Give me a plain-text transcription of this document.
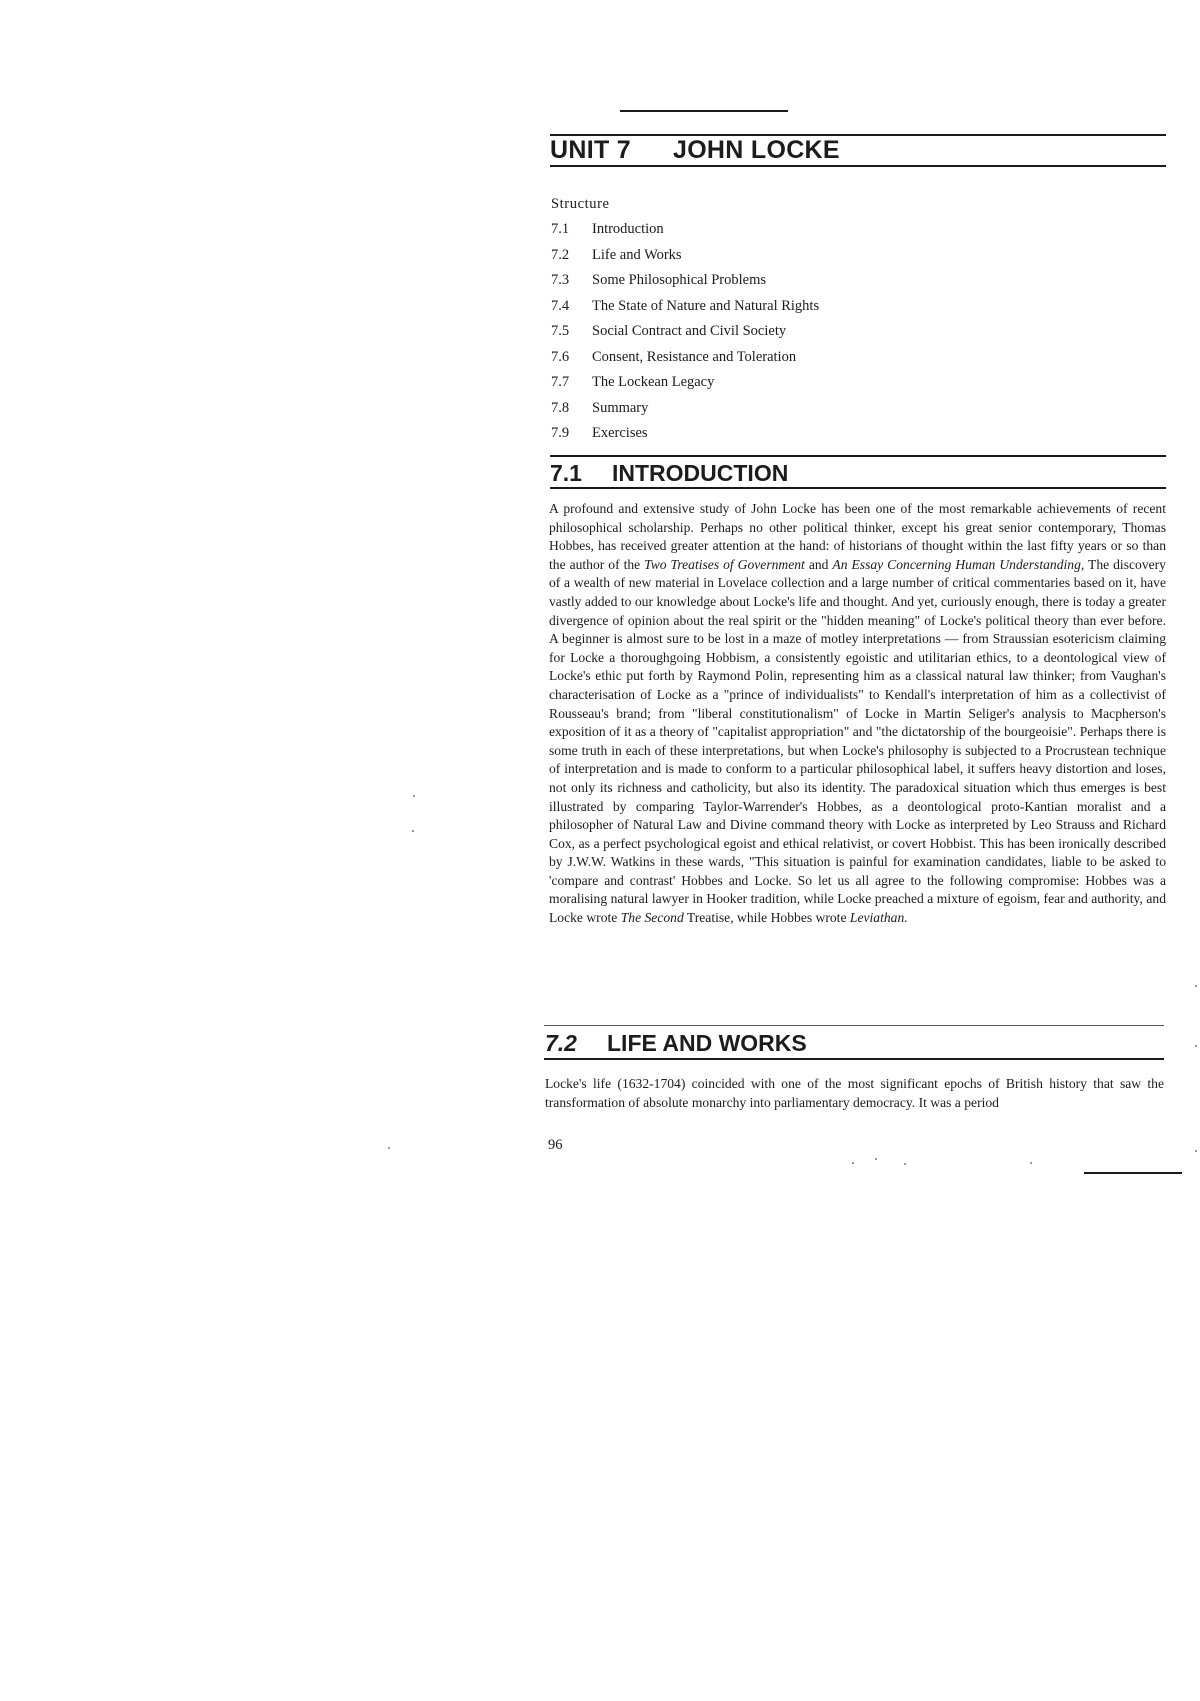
UNIT 7 JOHN LOCKE
Structure
7.1	Introduction
7.2	Life and Works
7.3	Some Philosophical Problems
7.4	The State of Nature and Natural Rights
7.5	Social Contract and Civil Society
7.6	Consent, Resistance and Toleration
7.7	The Lockean Legacy
7.8	Summary
7.9	Exercises
7.1 INTRODUCTION
A profound and extensive study of John Locke has been one of the most remarkable achievements of recent philosophical scholarship. Perhaps no other political thinker, except his great senior contemporary, Thomas Hobbes, has received greater attention at the hand: of historians of thought within the last fifty years or so than the author of the Two Treatises of Government and An Essay Concerning Human Understanding, The discovery of a wealth of new material in Lovelace collection and a large number of critical commentaries based on it, have vastly added to our knowledge about Locke's life and thought. And yet, curiously enough, there is today a greater divergence of opinion about the real spirit or the "hidden meaning" of Locke's political theory than ever before. A beginner is almost sure to be lost in a maze of motley interpretations — from Straussian esotericism claiming for Locke a thoroughgoing Hobbism, a consistently egoistic and utilitarian ethics, to a deontological view of Locke's ethic put forth by Raymond Polin, representing him as a classical natural law thinker; from Vaughan's characterisation of Locke as a "prince of individualists" to Kendall's interpretation of him as a collectivist of Rousseau's brand; from "liberal constitutionalism" of Locke in Martin Seliger's analysis to Macpherson's exposition of it as a theory of "capitalist appropriation" and "the dictatorship of the bourgeoisie". Perhaps there is some truth in each of these interpretations, but when Locke's philosophy is subjected to a Procrustean technique of interpretation and is made to conform to a particular philosophical label, it suffers heavy distortion and loses, not only its richness and catholicity, but also its identity. The paradoxical situation which thus emerges is best illustrated by comparing Taylor-Warrender's Hobbes, as a deontological proto-Kantian moralist and a philosopher of Natural Law and Divine command theory with Locke as interpreted by Leo Strauss and Richard Cox, as a perfect psychological egoist and ethical relativist, or covert Hobbist. This has been ironically described by J.W.W. Watkins in these wards, "This situation is painful for examination candidates, liable to be asked to 'compare and contrast' Hobbes and Locke. So let us all agree to the following compromise: Hobbes was a moralising natural lawyer in Hooker tradition, while Locke preached a mixture of egoism, fear and authority, and Locke wrote The Second Treatise, while Hobbes wrote Leviathan.
7.2 LIFE AND WORKS
Locke's life (1632-1704) coincided with one of the most significant epochs of British history that saw the transformation of absolute monarchy into parliamentary democracy. It was a period
96
